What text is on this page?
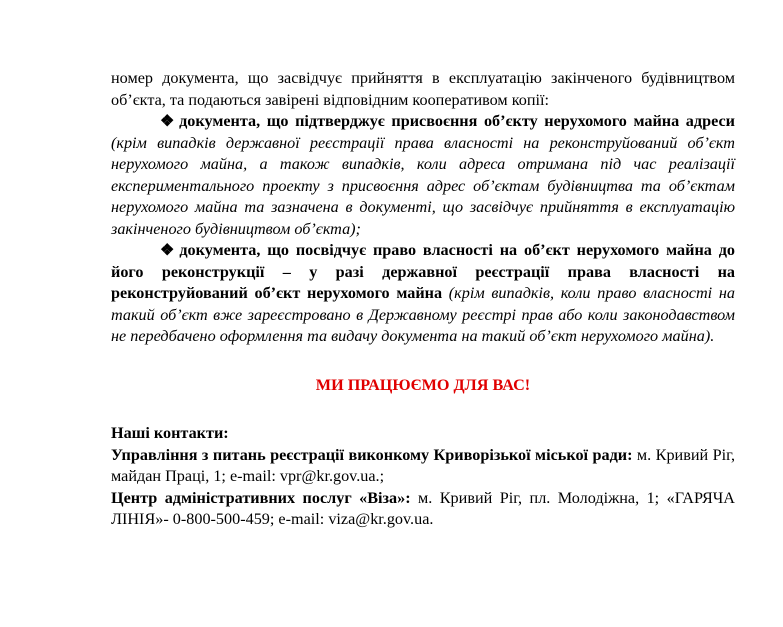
номер документа, що засвідчує прийняття в експлуатацію закінченого будівництвом об’єкта, та подаються завірені відповідним кооперативом копії:

❖ документа, що підтверджує присвоєння об’єкту нерухомого майна адреси (крім випадків державної реєстрації права власності на реконструйований об’єкт нерухомого майна, а також випадків, коли адреса отримана під час реалізації експериментального проекту з присвоєння адрес об’єктам будівництва та об’єктам нерухомого майна та зазначена в документі, що засвідчує прийняття в експлуатацію закінченого будівництвом об’єкта);

❖ документа, що посвідчує право власності на об’єкт нерухомого майна до його реконструкції – у разі державної реєстрації права власності на реконструйований об’єкт нерухомого майна (крім випадків, коли право власності на такий об’єкт вже зареєстровано в Державному реєстрі прав або коли законодавством не передбачено оформлення та видачу документа на такий об’єкт нерухомого майна).

МИ ПРАЦЮЄМО ДЛЯ ВАС!

Наші контакти:

Управління з питань реєстрації виконкому Криворізької міської ради: м. Кривий Ріг, майдан Праці, 1; e-mail: vpr@kr.gov.ua.;

Центр адміністративних послуг «Віза»: м. Кривий Ріг, пл. Молодіжна, 1; «ГАРЯЧА ЛІНІЯ»- 0-800-500-459; e-mail: viza@kr.gov.ua.
